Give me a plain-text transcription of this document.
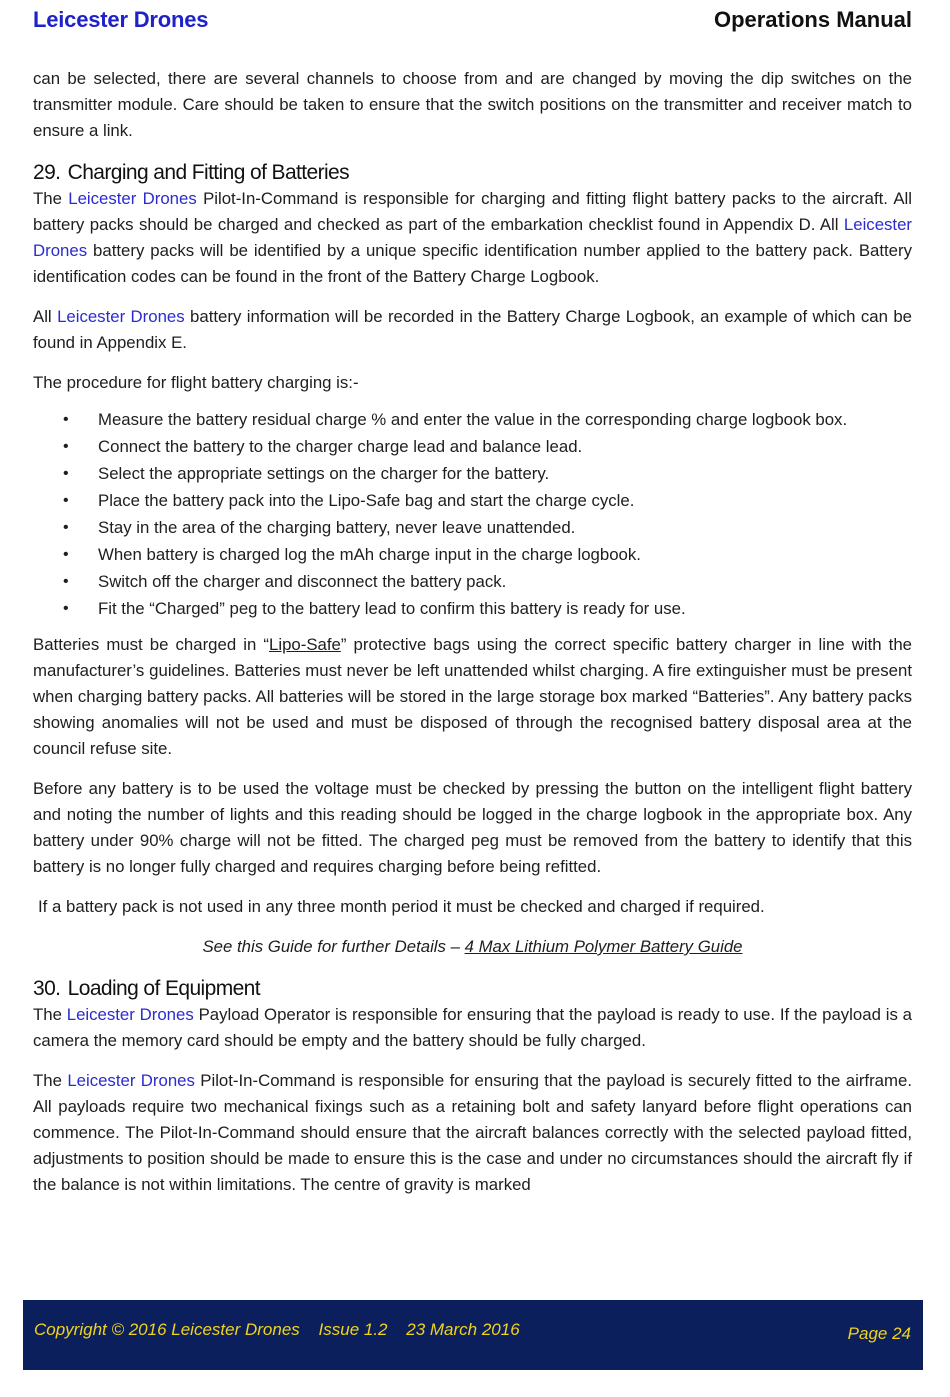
Leicester Drones	Operations Manual

can be selected, there are several channels to choose from and are changed by moving the dip switches on the transmitter module. Care should be taken to ensure that the switch positions on the transmitter and receiver match to ensure a link.

29. Charging and Fitting of Batteries

The Leicester Drones Pilot-In-Command is responsible for charging and fitting flight battery packs to the aircraft. All battery packs should be charged and checked as part of the embarkation checklist found in Appendix D. All Leicester Drones battery packs will be identified by a unique specific identification number applied to the battery pack. Battery identification codes can be found in the front of the Battery Charge Logbook.

All Leicester Drones battery information will be recorded in the Battery Charge Logbook, an example of which can be found in Appendix E.

The procedure for flight battery charging is:-

• Measure the battery residual charge % and enter the value in the corresponding charge logbook box.
• Connect the battery to the charger charge lead and balance lead.
• Select the appropriate settings on the charger for the battery.
• Place the battery pack into the Lipo-Safe bag and start the charge cycle.
• Stay in the area of the charging battery, never leave unattended.
• When battery is charged log the mAh charge input in the charge logbook.
• Switch off the charger and disconnect the battery pack.
• Fit the “Charged” peg to the battery lead to confirm this battery is ready for use.

Batteries must be charged in “Lipo-Safe” protective bags using the correct specific battery charger in line with the manufacturer’s guidelines. Batteries must never be left unattended whilst charging. A fire extinguisher must be present when charging battery packs. All batteries will be stored in the large storage box marked “Batteries”. Any battery packs showing anomalies will not be used and must be disposed of through the recognised battery disposal area at the council refuse site.

Before any battery is to be used the voltage must be checked by pressing the button on the intelligent flight battery and noting the number of lights and this reading should be logged in the charge logbook in the appropriate box. Any battery under 90% charge will not be fitted. The charged peg must be removed from the battery to identify that this battery is no longer fully charged and requires charging before being refitted.

If a battery pack is not used in any three month period it must be checked and charged if required.

See this Guide for further Details – 4 Max Lithium Polymer Battery Guide

30. Loading of Equipment

The Leicester Drones Payload Operator is responsible for ensuring that the payload is ready to use. If the payload is a camera the memory card should be empty and the battery should be fully charged.

The Leicester Drones Pilot-In-Command is responsible for ensuring that the payload is securely fitted to the airframe. All payloads require two mechanical fixings such as a retaining bolt and safety lanyard before flight operations can commence. The Pilot-In-Command should ensure that the aircraft balances correctly with the selected payload fitted, adjustments to position should be made to ensure this is the case and under no circumstances should the aircraft fly if the balance is not within limitations. The centre of gravity is marked

Copyright © 2016 Leicester Drones Issue 1.2 23 March 2016	Page 24
